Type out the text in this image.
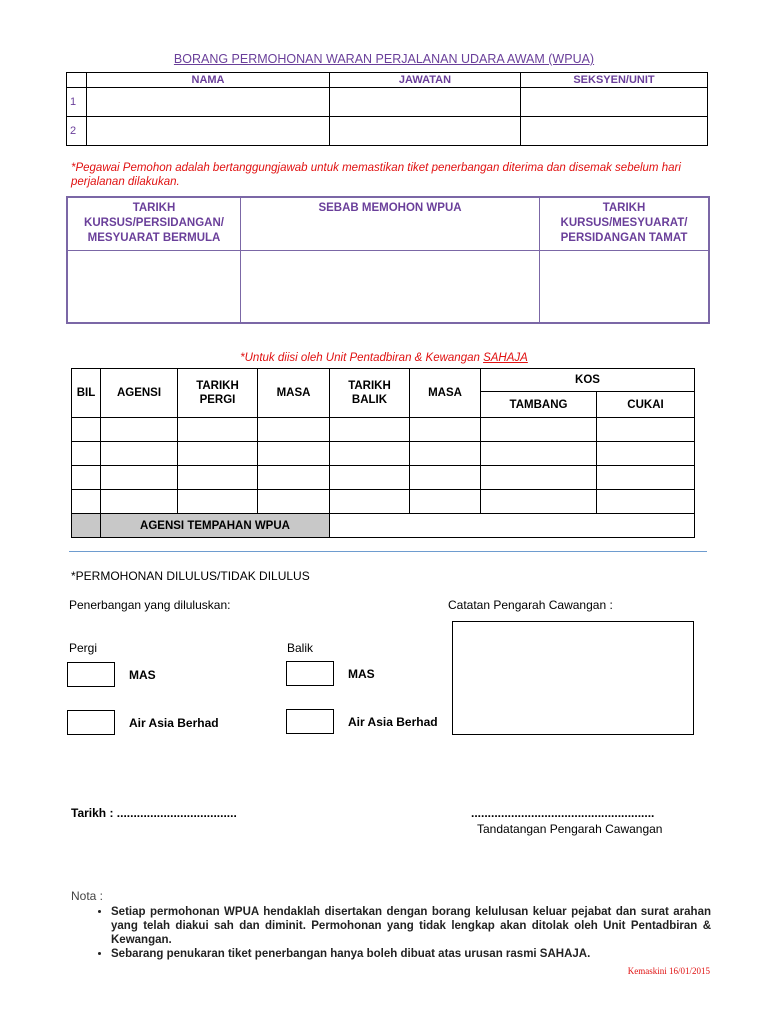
BORANG PERMOHONAN WARAN PERJALANAN UDARA AWAM (WPUA)
	NAMA	JAWATAN	SEKSYEN/UNIT
1			
2			
*Pegawai Pemohon adalah bertanggungjawab untuk memastikan tiket penerbangan diterima dan disemak sebelum hari perjalanan dilakukan.
TARIKH KURSUS/PERSIDANGAN/ MESYUARAT BERMULA	SEBAB MEMOHON WPUA	TARIKH KURSUS/MESYUARAT/ PERSIDANGAN TAMAT

*Untuk diisi oleh Unit Pentadbiran & Kewangan SAHAJA
BIL	AGENSI	TARIKH PERGI	MASA	TARIKH BALIK	MASA	KOS	
						TAMBANG	CUKAI

	AGENSI TEMPAHAN WPUA						
*PERMOHONAN DILULUS/TIDAK DILULUS
Penerbangan yang diluluskan:	Catatan Pengarah Cawangan :
Pergi	Balik
MAS	MAS
Air Asia Berhad	Air Asia Berhad
Tarikh : ....................................	.......................................................
Tandatangan Pengarah Cawangan
Nota :
• Setiap permohonan WPUA hendaklah disertakan dengan borang kelulusan keluar pejabat dan surat arahan yang telah diakui sah dan diminit. Permohonan yang tidak lengkap akan ditolak oleh Unit Pentadbiran & Kewangan.
• Sebarang penukaran tiket penerbangan hanya boleh dibuat atas urusan rasmi SAHAJA.
Kemaskini 16/01/2015
